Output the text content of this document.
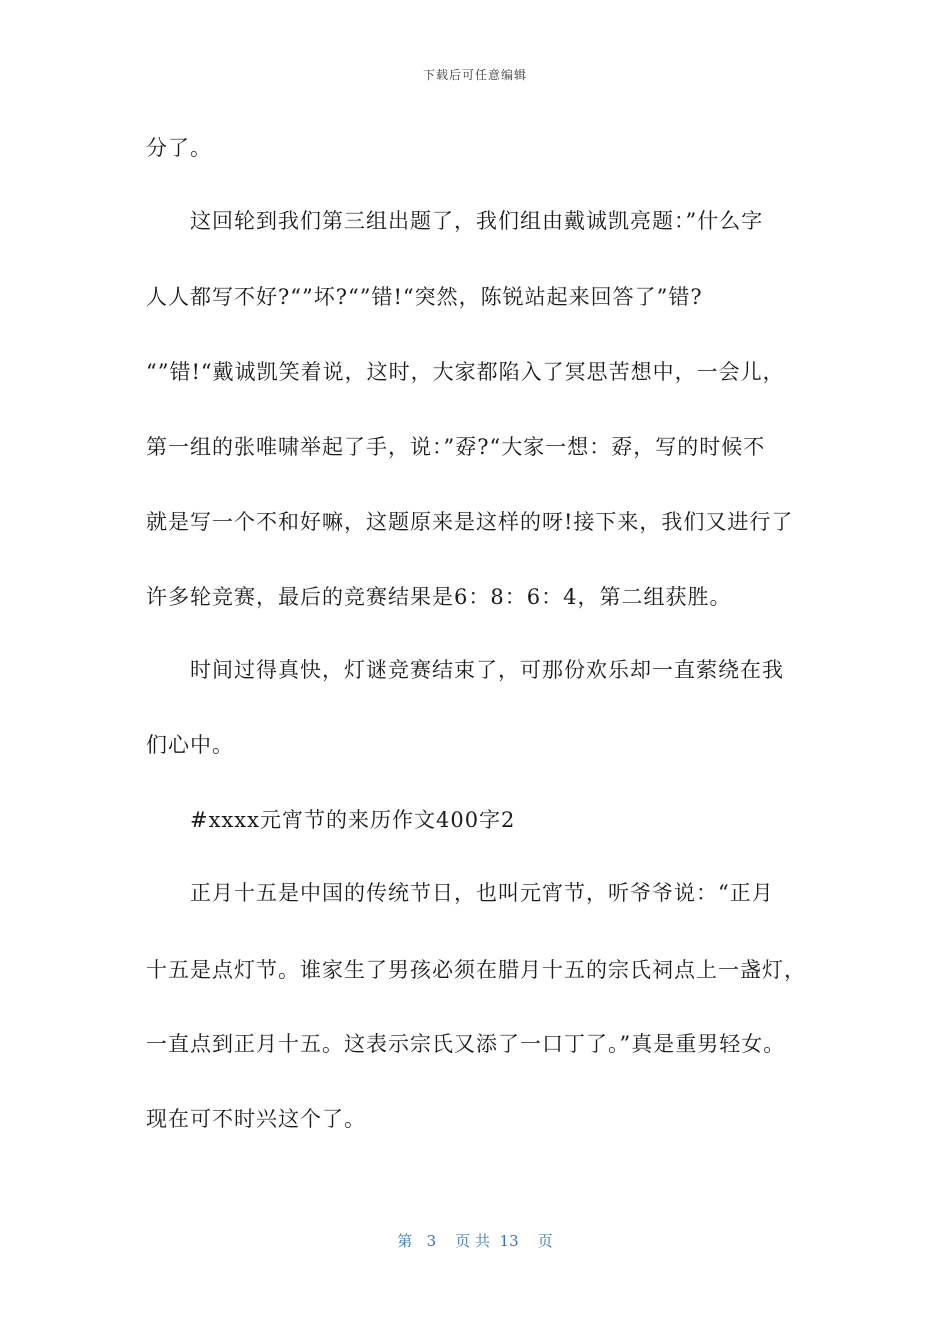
下载后可任意编辑
分了。
这回轮到我们第三组出题了，我们组由戴诚凯亮题：”什么字
人人都写不好?“”坏?“”错!“突然，陈锐站起来回答了”错?
“”错!“戴诚凯笑着说，这时，大家都陷入了冥思苦想中，一会儿，
第一组的张唯啸举起了手，说：”孬?“大家一想：孬，写的时候不
就是写一个不和好嘛，这题原来是这样的呀!接下来，我们又进行了
许多轮竞赛，最后的竞赛结果是6：8：6：4，第二组获胜。
时间过得真快，灯谜竞赛结束了，可那份欢乐却一直萦绕在我
们心中。
#xxxx元宵节的来历作文400字2
正月十五是中国的传统节日，也叫元宵节，听爷爷说：“正月
十五是点灯节。谁家生了男孩必须在腊月十五的宗氏祠点上一盏灯，
一直点到正月十五。这表示宗氏又添了一口丁了。”真是重男轻女。
现在可不时兴这个了。
第   3    页 共  13    页
